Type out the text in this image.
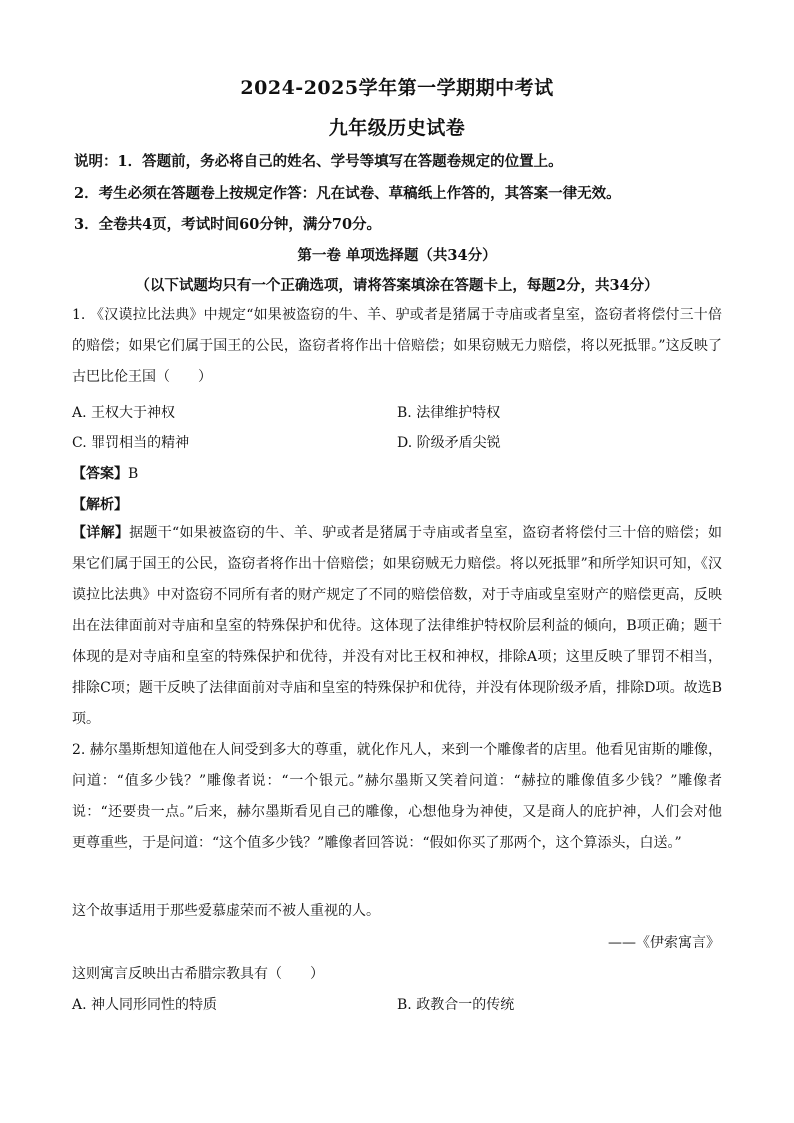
2024-2025学年第一学期期中考试
九年级历史试卷
说明：1．答题前，务必将自己的姓名、学号等填写在答题卷规定的位置上。
2．考生必须在答题卷上按规定作答：凡在试卷、草稿纸上作答的，其答案一律无效。
3．全卷共4页，考试时间60分钟，满分70分。
第一卷 单项选择题（共34分）
（以下试题均只有一个正确选项，请将答案填涂在答题卡上，每题2分，共34分）
1. 《汉谟拉比法典》中规定“如果被盗窃的牛、羊、驴或者是猪属于寺庙或者皇室，盗窃者将偿付三十倍的赔偿；如果它们属于国王的公民，盗窃者将作出十倍赔偿；如果窃贼无力赔偿，将以死抵罪。”这反映了古巴比伦王国（　　）
A. 王权大于神权	B. 法律维护特权
C. 罪罚相当的精神	D. 阶级矛盾尖锐
【答案】B
【解析】
【详解】据题干“如果被盗窃的牛、羊、驴或者是猪属于寺庙或者皇室，盗窃者将偿付三十倍的赔偿；如果它们属于国王的公民，盗窃者将作出十倍赔偿；如果窃贼无力赔偿。将以死抵罪”和所学知识可知，《汉谟拉比法典》中对盗窃不同所有者的财产规定了不同的赔偿倍数，对于寺庙或皇室财产的赔偿更高，反映出在法律面前对寺庙和皇室的特殊保护和优待。这体现了法律维护特权阶层利益的倾向，B项正确；题干体现的是对寺庙和皇室的特殊保护和优待，并没有对比王权和神权，排除A项；这里反映了罪罚不相当，排除C项；题干反映了法律面前对寺庙和皇室的特殊保护和优待，并没有体现阶级矛盾，排除D项。故选B项。
2. 赫尔墨斯想知道他在人间受到多大的尊重，就化作凡人，来到一个雕像者的店里。他看见宙斯的雕像，问道：“值多少钱？”雕像者说：“一个银元。”赫尔墨斯又笑着问道：“赫拉的雕像值多少钱？”雕像者说：“还要贵一点。”后来，赫尔墨斯看见自己的雕像，心想他身为神使，又是商人的庇护神，人们会对他更尊重些，于是问道：“这个值多少钱？”雕像者回答说：“假如你买了那两个，这个算添头，白送。”
这个故事适用于那些爱慕虚荣而不被人重视的人。
——《伊索寓言》
这则寓言反映出古希腊宗教具有（　　）
A. 神人同形同性的特质	B. 政教合一的传统
